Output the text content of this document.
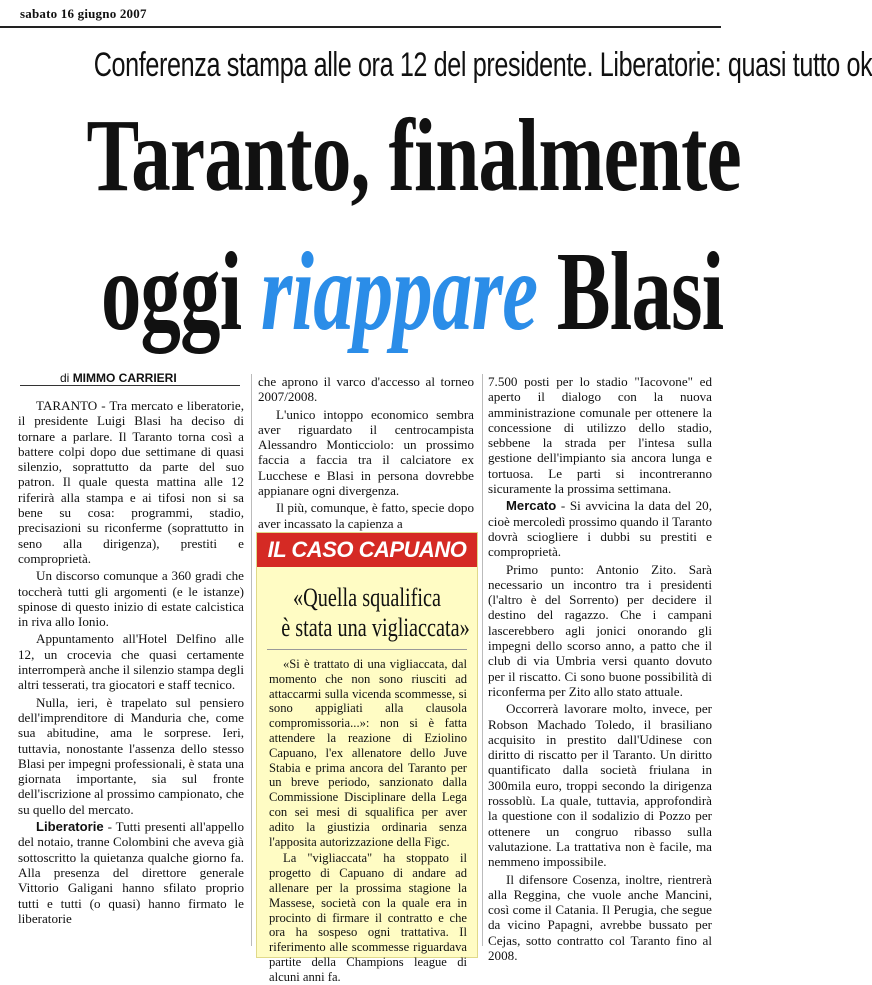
sabato 16 giugno 2007
Conferenza stampa alle ora 12 del presidente. Liberatorie: quasi tutto ok
Taranto, finalmente
oggi riappare Blasi
di MIMMO CARRIERI

TARANTO - Tra mercato e liberatorie, il presidente Luigi Blasi ha deciso di tornare a parlare. Il Taranto torna così a battere colpi dopo due settimane di quasi silenzio, soprattutto da parte del suo patron. Il quale questa mattina alle 12 riferirà alla stampa e ai tifosi non si sa bene su cosa: programmi, stadio, precisazioni su riconferme (soprattutto in seno alla dirigenza), prestiti e comproprietà.

Un discorso comunque a 360 gradi che toccherà tutti gli argomenti (e le istanze) spinose di questo inizio di estate calcistica in riva allo Ionio.

Appuntamento all'Hotel Delfino alle 12, un crocevia che quasi certamente interromperà anche il silenzio stampa degli altri tesserati, tra giocatori e staff tecnico.

Nulla, ieri, è trapelato sul pensiero dell'imprenditore di Manduria che, come sua abitudine, ama le sorprese. Ieri, tuttavia, nonostante l'assenza dello stesso Blasi per impegni professionali, è stata una giornata importante, sia sul fronte dell'iscrizione al prossimo campionato, che su quello del mercato.

Liberatorie - Tutti presenti all'appello del notaio, tranne Colombini che aveva già sottoscritto la quietanza qualche giorno fa. Alla presenza del direttore generale Vittorio Galigani hanno sfilato proprio tutti e tutti (o quasi) hanno firmato le liberatorie

che aprono il varco d'accesso al torneo 2007/2008.

L'unico intoppo economico sembra aver riguardato il centrocampista Alessandro Monticciolo: un prossimo faccia a faccia tra il calciatore ex Lucchese e Blasi in persona dovrebbe appianare ogni divergenza.

Il più, comunque, è fatto, specie dopo aver incassato la capienza a

IL CASO CAPUANO
«Quella squalifica
è stata una vigliaccata»

«Si è trattato di una vigliaccata, dal momento che non sono riusciti ad attaccarmi sulla vicenda scommesse, si sono appigliati alla clausola compromissoria...»: non si è fatta attendere la reazione di Eziolino Capuano, l'ex allenatore dello Juve Stabia e prima ancora del Taranto per un breve periodo, sanzionato dalla Commissione Disciplinare della Lega con sei mesi di squalifica per aver adito la giustizia ordinaria senza l'apposita autorizzazione della Figc.

La "vigliaccata" ha stoppato il progetto di Capuano di andare ad allenare per la prossima stagione la Massese, società con la quale era in procinto di firmare il contratto e che ora ha sospeso ogni trattativa. Il riferimento alle scommesse riguardava partite della Champions league di alcuni anni fa.

7.500 posti per lo stadio "Iacovone" ed aperto il dialogo con la nuova amministrazione comunale per ottenere la concessione di utilizzo dello stadio, sebbene la strada per l'intesa sulla gestione dell'impianto sia ancora lunga e tortuosa. Le parti si incontreranno sicuramente la prossima settimana.

Mercato - Si avvicina la data del 20, cioè mercoledì prossimo quando il Taranto dovrà sciogliere i dubbi su prestiti e comproprietà.

Primo punto: Antonio Zito. Sarà necessario un incontro tra i presidenti (l'altro è del Sorrento) per decidere il destino del ragazzo. Che i campani lascerebbero agli jonici onorando gli impegni dello scorso anno, a patto che il club di via Umbria versi quanto dovuto per il riscatto. Ci sono buone possibilità di riconferma per Zito allo stato attuale.

Occorrerà lavorare molto, invece, per Robson Machado Toledo, il brasiliano acquisito in prestito dall'Udinese con diritto di riscatto per il Taranto. Un diritto quantificato dalla società friulana in 300mila euro, troppi secondo la dirigenza rossoblù. La quale, tuttavia, approfondirà la questione con il sodalizio di Pozzo per ottenere un congruo ribasso sulla valutazione. La trattativa non è facile, ma nemmeno impossibile.

Il difensore Cosenza, inoltre, rientrerà alla Reggina, che vuole anche Mancini, così come il Catania. Il Perugia, che segue da vicino Papagni, avrebbe bussato per Cejas, sotto contratto col Taranto fino al 2008.
